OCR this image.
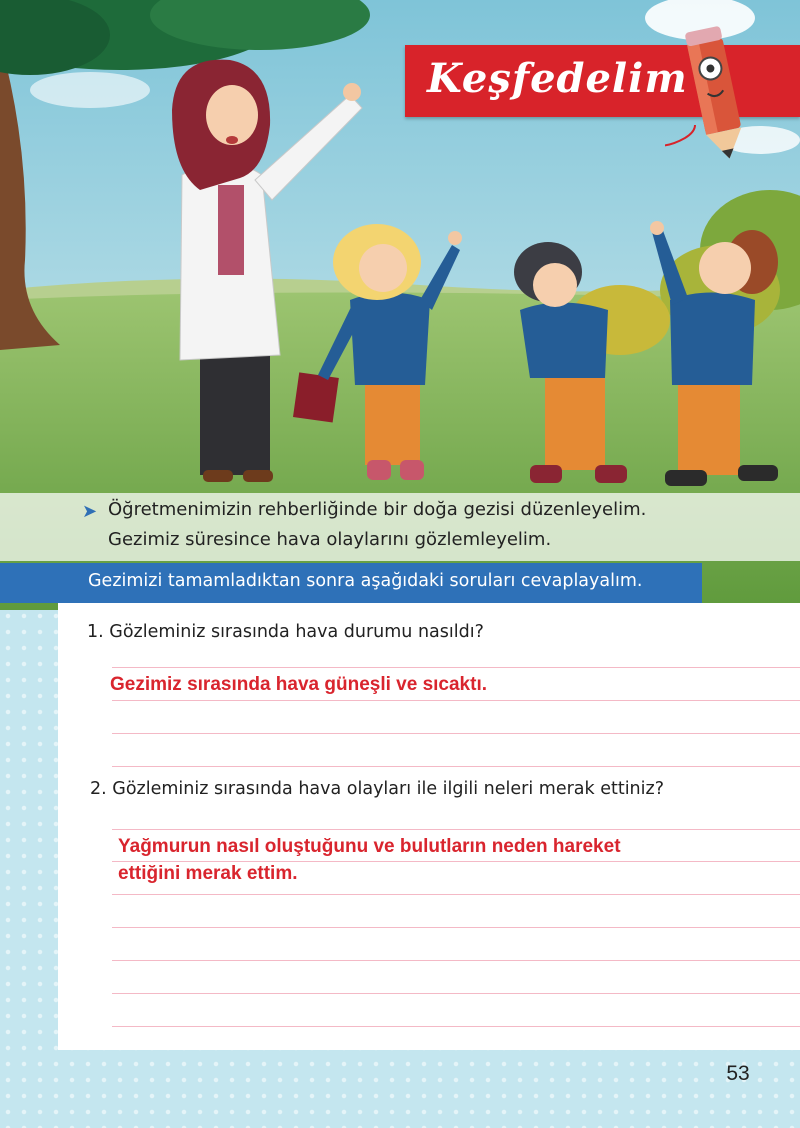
Keşfedelim
➤ Öğretmenimizin rehberliğinde bir doğa gezisi düzenleyelim.
Gezimiz süresince hava olaylarını gözlemleyelim.
Gezimizi tamamladıktan sonra aşağıdaki soruları cevaplayalım.
1. Gözleminiz sırasında hava durumu nasıldı?
Gezimiz sırasında hava güneşli ve sıcaktı.
2. Gözleminiz sırasında hava olayları ile ilgili neleri merak ettiniz?
Yağmurun nasıl oluştuğunu ve bulutların neden hareket
ettiğini merak ettim.
53
